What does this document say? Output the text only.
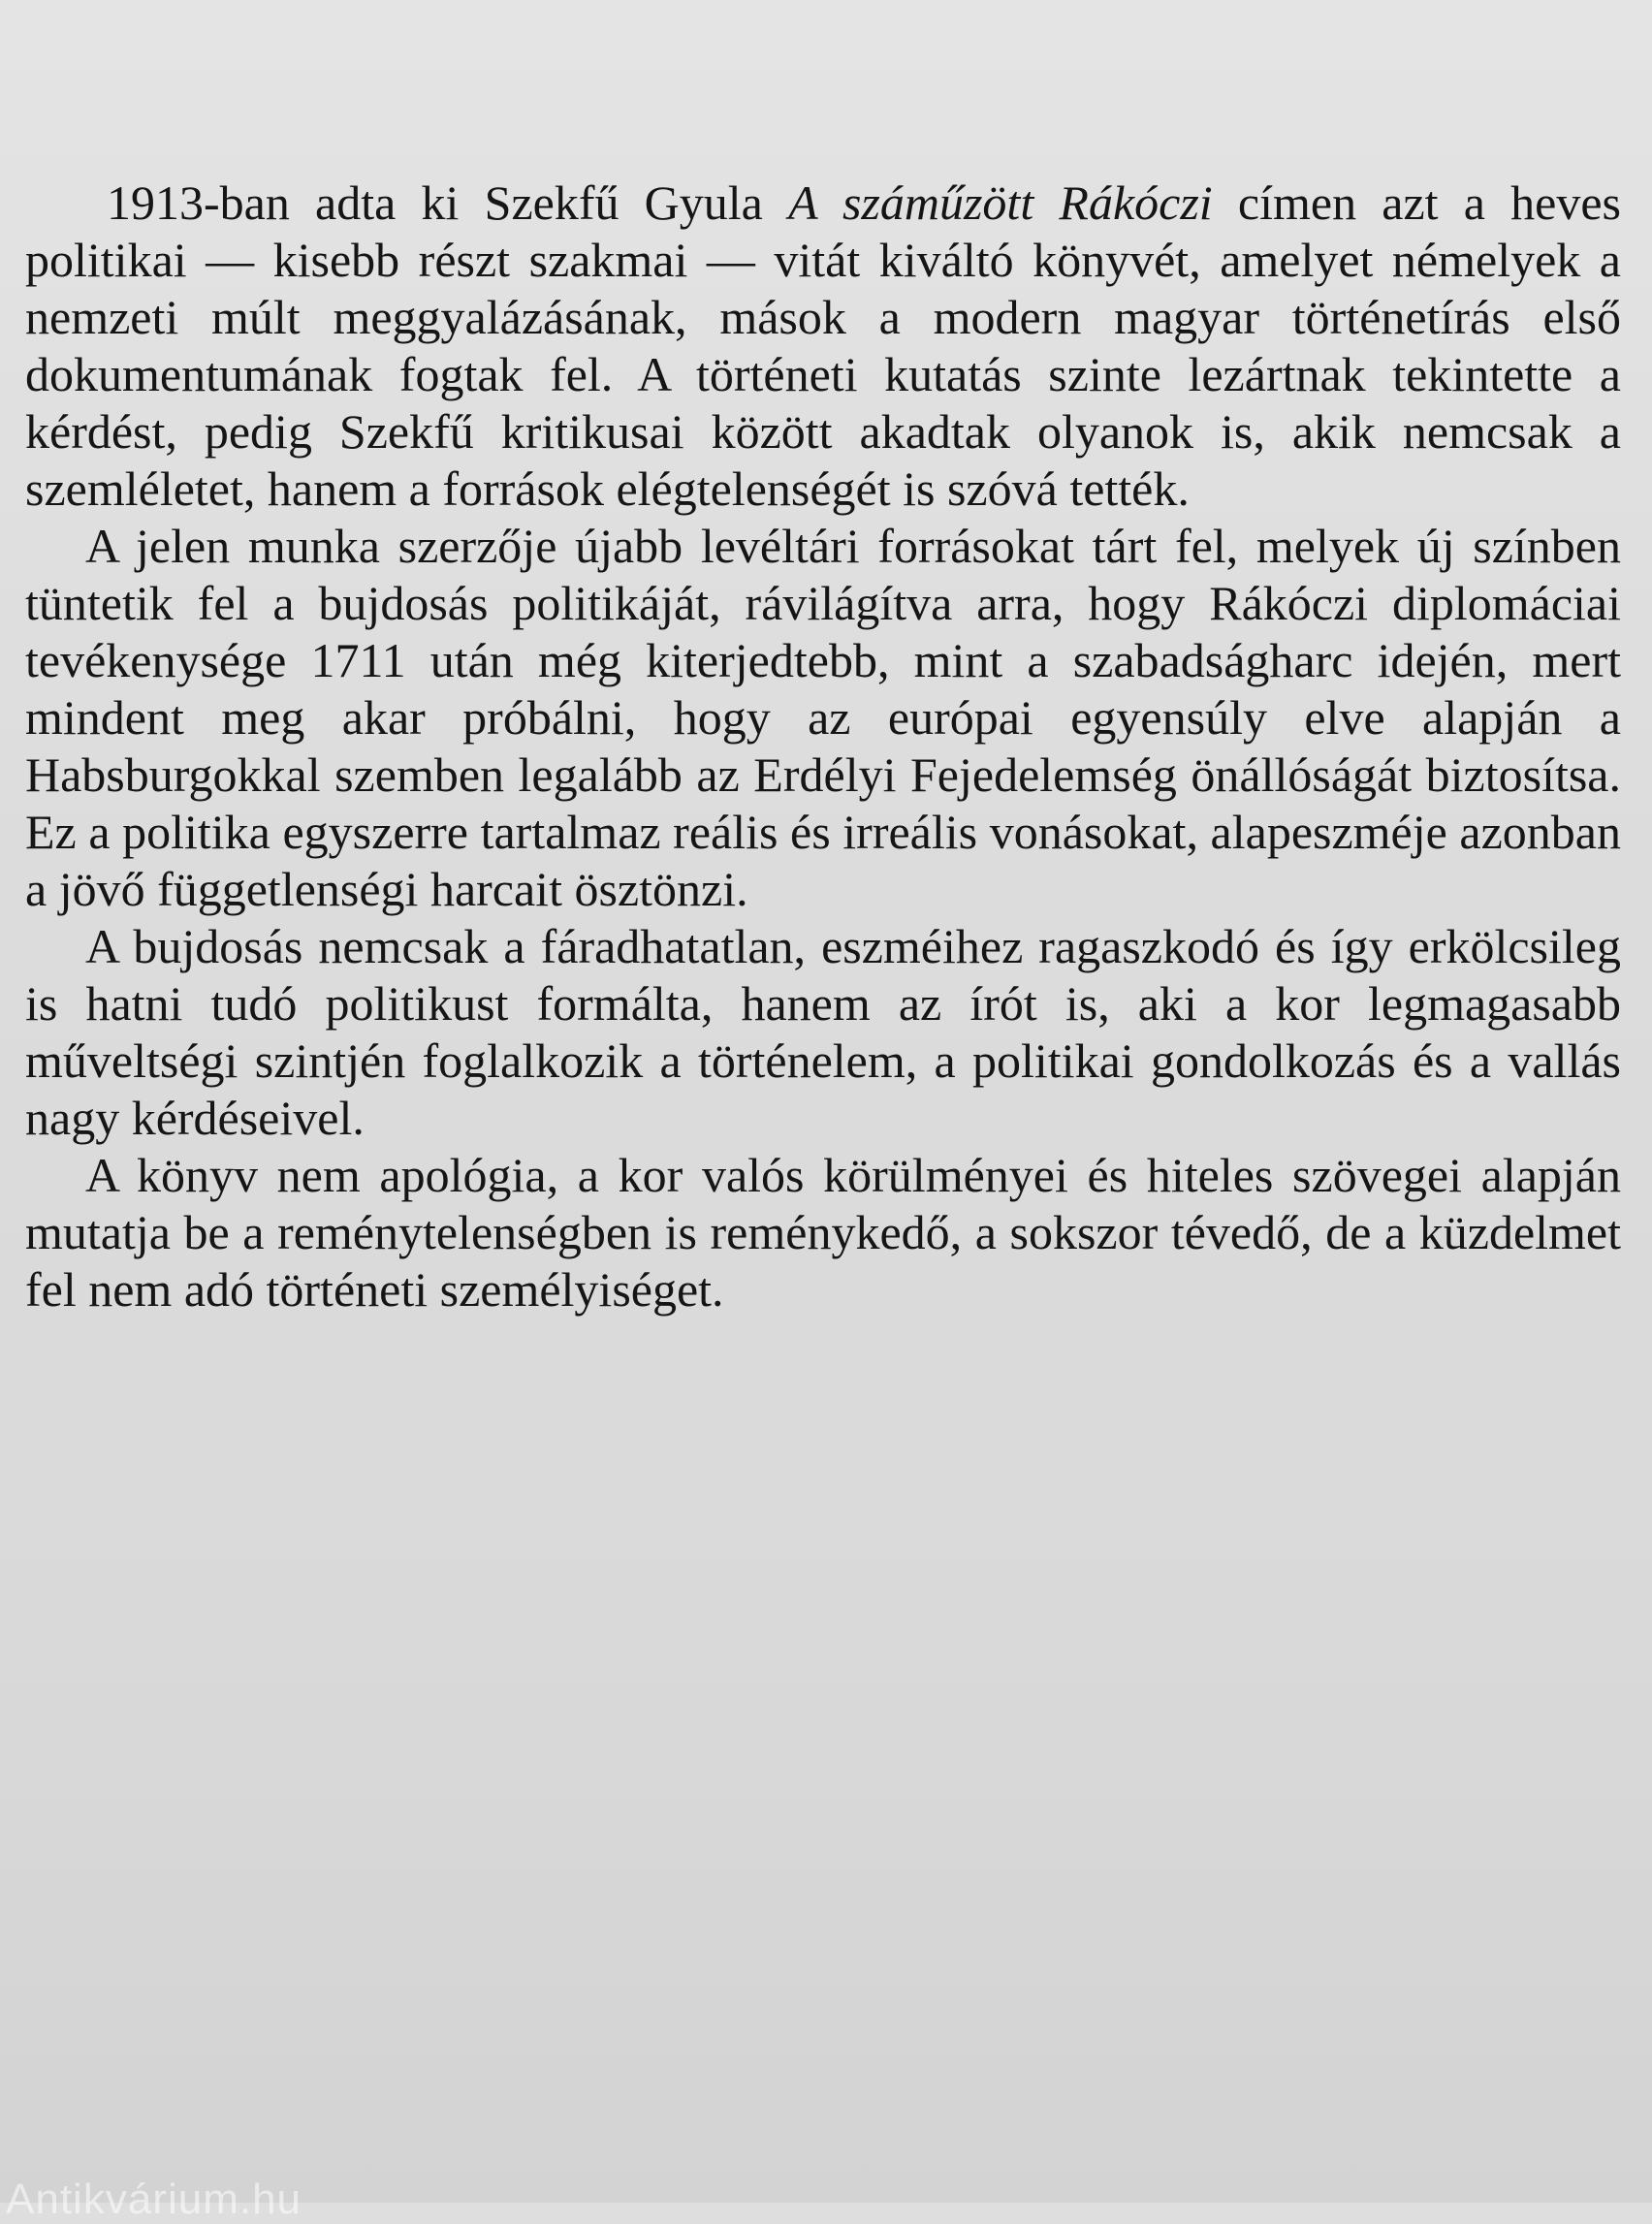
1913-ban adta ki Szekfű Gyula A száműzött Rákóczi címen azt a heves politikai — kisebb részt szakmai — vitát kiváltó könyvét, amelyet némelyek a nemzeti múlt meggyalázásának, mások a modern magyar történetírás első dokumentumának fogtak fel. A történeti kutatás szinte lezártnak tekintette a kérdést, pedig Szekfű kritikusai között akadtak olyanok is, akik nemcsak a szemléletet, hanem a források elégtelenségét is szóvá tették.

A jelen munka szerzője újabb levéltári forrásokat tárt fel, melyek új színben tüntetik fel a bujdosás politikáját, rávilágítva arra, hogy Rákóczi diplomáciai tevékenysége 1711 után még kiterjedtebb, mint a szabadságharc idején, mert mindent meg akar próbálni, hogy az európai egyensúly elve alapján a Habsburgokkal szemben legalább az Erdélyi Fejedelemség önállóságát biztosítsa. Ez a politika egyszerre tartalmaz reális és irreális vonásokat, alapeszméje azonban a jövő függetlenségi harcait ösztönzi.

A bujdosás nemcsak a fáradhatatlan, eszméihez ragaszkodó és így erkölcsileg is hatni tudó politikust formálta, hanem az írót is, aki a kor legmagasabb műveltségi szintjén foglalkozik a történelem, a politikai gondolkozás és a vallás nagy kérdéseivel.

A könyv nem apológia, a kor valós körülményei és hiteles szövegei alapján mutatja be a reménytelenségben is reménykedő, a sokszor tévedő, de a küzdelmet fel nem adó történeti személyiséget.

Antikvárium.hu
